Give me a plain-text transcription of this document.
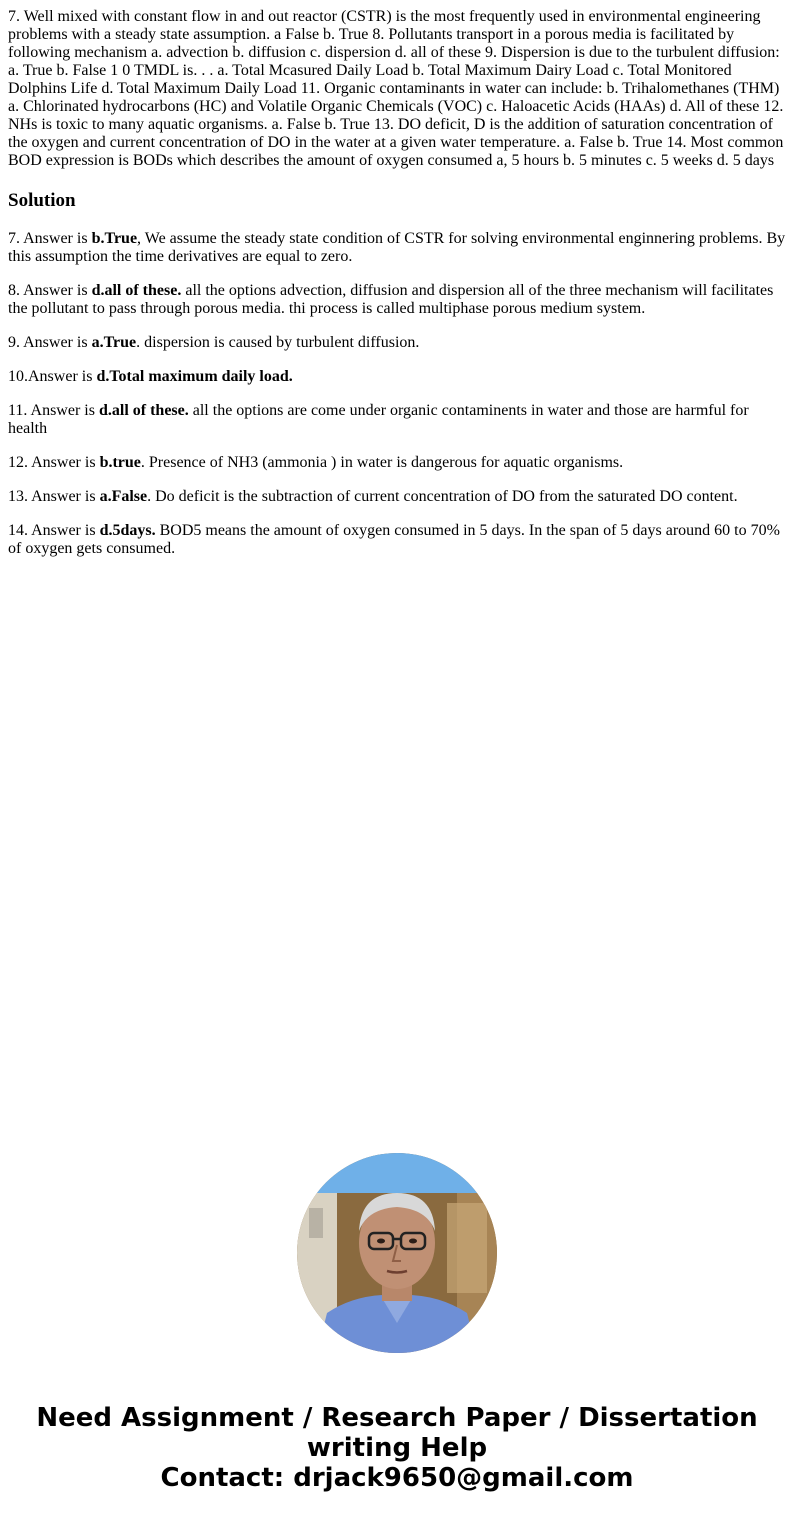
7. Well mixed with constant flow in and out reactor (CSTR) is the most frequently used in environmental engineering problems with a steady state assumption. a False b. True 8. Pollutants transport in a porous media is facilitated by following mechanism a. advection b. diffusion c. dispersion d. all of these 9. Dispersion is due to the turbulent diffusion: a. True b. False 1 0 TMDL is. . . a. Total Mcasured Daily Load b. Total Maximum Dairy Load c. Total Monitored Dolphins Life d. Total Maximum Daily Load 11. Organic contaminants in water can include: b. Trihalomethanes (THM) a. Chlorinated hydrocarbons (HC) and Volatile Organic Chemicals (VOC) c. Haloacetic Acids (HAAs) d. All of these 12. NHs is toxic to many aquatic organisms. a. False b. True 13. DO deficit, D is the addition of saturation concentration of the oxygen and current concentration of DO in the water at a given water temperature. a. False b. True 14. Most common BOD expression is BODs which describes the amount of oxygen consumed a, 5 hours b. 5 minutes c. 5 weeks d. 5 days

Solution

7. Answer is b.True, We assume the steady state condition of CSTR for solving environmental enginnering problems. By this assumption the time derivatives are equal to zero.

8. Answer is d.all of these. all the options advection, diffusion and dispersion all of the three mechanism will facilitates the pollutant to pass through porous media. thi process is called multiphase porous medium system.

9. Answer is a.True. dispersion is caused by turbulent diffusion.

10.Answer is d.Total maximum daily load.

11. Answer is d.all of these. all the options are come under organic contaminents in water and those are harmful for health

12. Answer is b.true. Presence of NH3 (ammonia ) in water is dangerous for aquatic organisms.

13. Answer is a.False. Do deficit is the subtraction of current concentration of DO from the saturated DO content.

14. Answer is d.5days. BOD5 means the amount of oxygen consumed in 5 days. In the span of 5 days around 60 to 70% of oxygen gets consumed.

Need Assignment / Research Paper / Dissertation
writing Help
Contact: drjack9650@gmail.com
